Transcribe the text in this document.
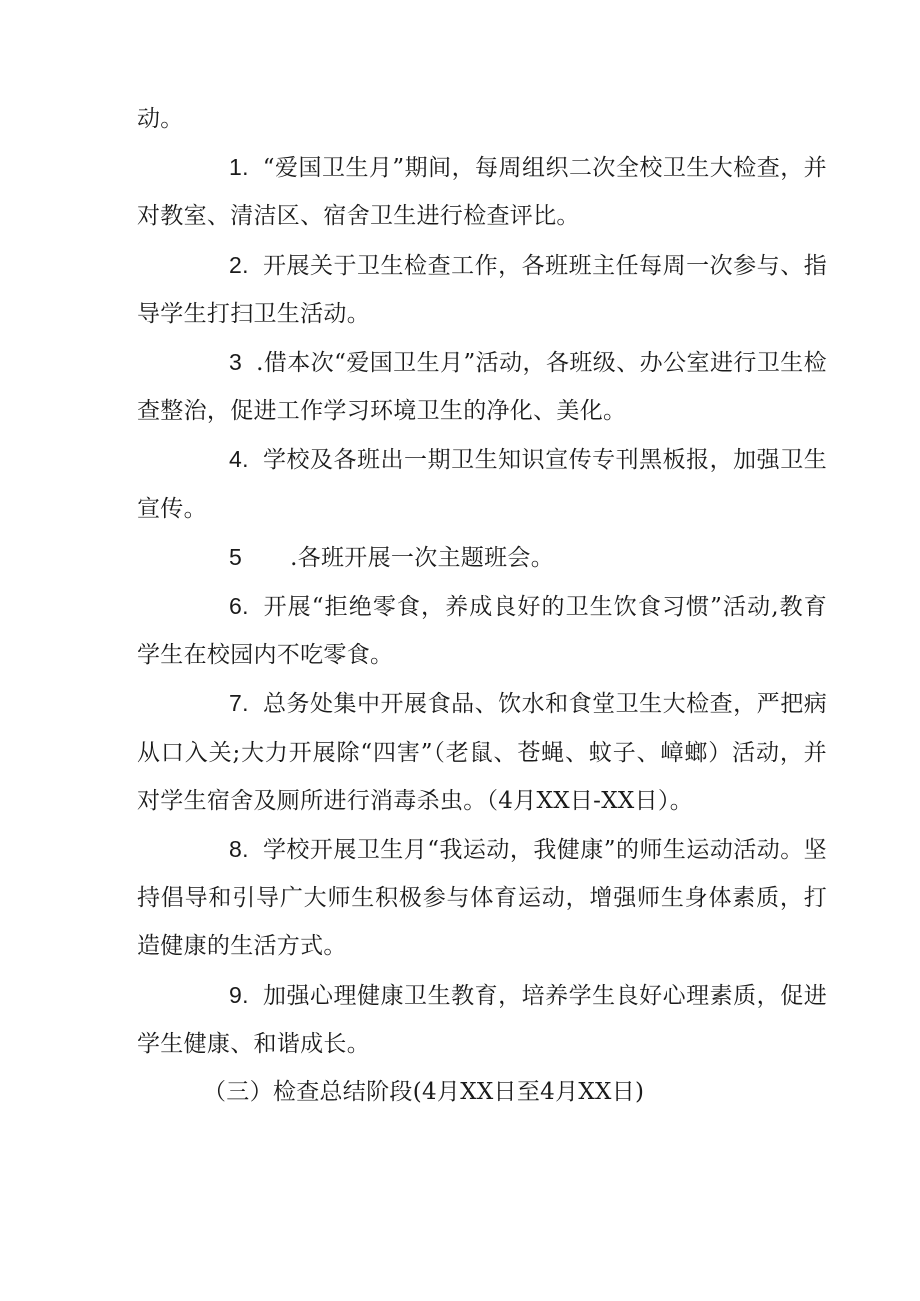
动。

1. “爱国卫生月”期间，每周组织二次全校卫生大检查，并对教室、清洁区、宿舍卫生进行检查评比。

2. 开展关于卫生检查工作，各班班主任每周一次参与、指导学生打扫卫生活动。

3 .借本次“爱国卫生月”活动，各班级、办公室进行卫生检查整治，促进工作学习环境卫生的净化、美化。

4. 学校及各班出一期卫生知识宣传专刊黑板报，加强卫生宣传。

5 .各班开展一次主题班会。

6. 开展“拒绝零食，养成良好的卫生饮食习惯”活动,教育学生在校园内不吃零食。

7. 总务处集中开展食品、饮水和食堂卫生大检查，严把病从口入关;大力开展除“四害”（老鼠、苍蝇、蚊子、嶂螂）活动，并对学生宿舍及厕所进行消毒杀虫。（4月XX日-XX日）。

8. 学校开展卫生月“我运动，我健康”的师生运动活动。坚持倡导和引导广大师生积极参与体育运动，增强师生身体素质，打造健康的生活方式。

9. 加强心理健康卫生教育，培养学生良好心理素质，促进学生健康、和谐成长。

（三）检查总结阶段(4月XX日至4月XX日)
